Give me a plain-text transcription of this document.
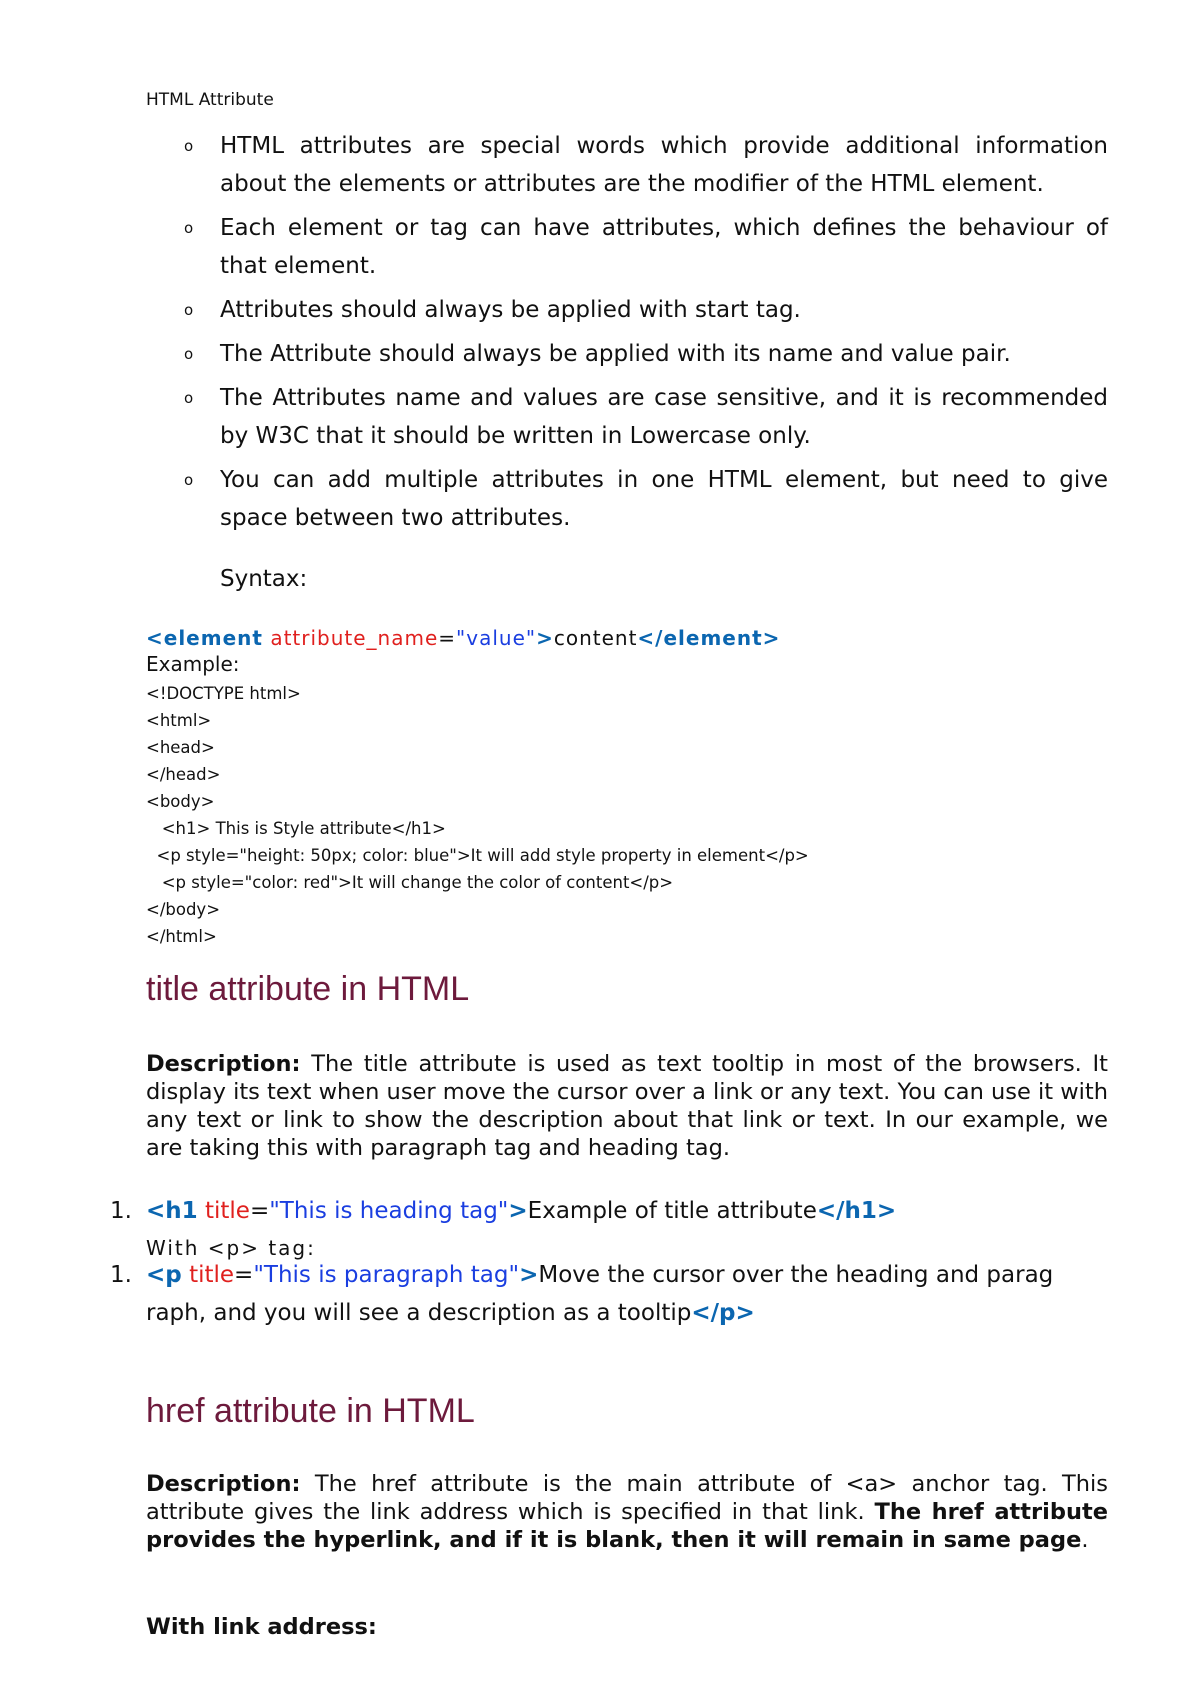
HTML Attribute
o HTML attributes are special words which provide additional information about the elements or attributes are the modifier of the HTML element.
o Each element or tag can have attributes, which defines the behaviour of that element.
o Attributes should always be applied with start tag.
o The Attribute should always be applied with its name and value pair.
o The Attributes name and values are case sensitive, and it is recommended by W3C that it should be written in Lowercase only.
o You can add multiple attributes in one HTML element, but need to give space between two attributes.
Syntax:
<element attribute_name="value">content</element>
Example:
<!DOCTYPE html>
<html>
<head>
</head>
<body>
<h1> This is Style attribute</h1>
<p style="height: 50px; color: blue">It will add style property in element</p>
<p style="color: red">It will change the color of content</p>
</body>
</html>
title attribute in HTML
Description: The title attribute is used as text tooltip in most of the browsers. It display its text when user move the cursor over a link or any text. You can use it with any text or link to show the description about that link or text. In our example, we are taking this with paragraph tag and heading tag.
1. <h1 title="This is heading tag">Example of title attribute</h1>
With <p> tag:
1. <p title="This is paragraph tag">Move the cursor over the heading and parag
raph, and you will see a description as a tooltip</p>
href attribute in HTML
Description: The href attribute is the main attribute of <a> anchor tag. This attribute gives the link address which is specified in that link. The href attribute provides the hyperlink, and if it is blank, then it will remain in same page.
With link address:
